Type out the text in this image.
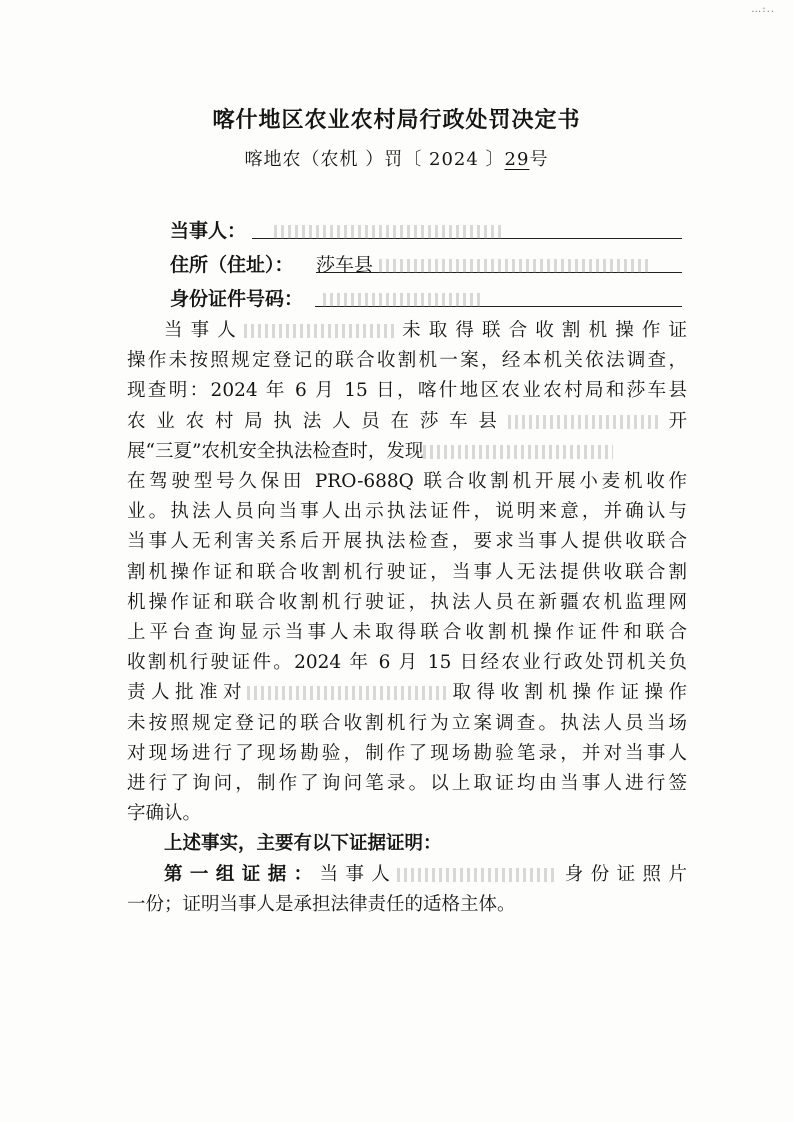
…:..
喀什地区农业农村局行政处罚决定书
喀地农（农机 ）罚〔 2024 〕29号
当事人：
住所（住址）： 莎车县
身份证件号码：

当事人	未取得联合收割机操作证
操作未按照规定登记的联合收割机一案，经本机关依法调查，
现查明：2024 年 6 月 15 日，喀什地区农业农村局和莎车县
农业农村局执法人员在莎车县	开
展“三夏”农机安全执法检查时，发现
在驾驶型号久保田 PRO-688Q 联合收割机开展小麦机收作
业。执法人员向当事人出示执法证件，说明来意，并确认与
当事人无利害关系后开展执法检查，要求当事人提供收联合
割机操作证和联合收割机行驶证，当事人无法提供收联合割
机操作证和联合收割机行驶证，执法人员在新疆农机监理网
上平台查询显示当事人未取得联合收割机操作证件和联合
收割机行驶证件。2024 年 6 月 15 日经农业行政处罚机关负
责人批准对	取得收割机操作证操作
未按照规定登记的联合收割机行为立案调查。执法人员当场
对现场进行了现场勘验，制作了现场勘验笔录，并对当事人
进行了询问，制作了询问笔录。以上取证均由当事人进行签
字确认。

上述事实，主要有以下证据证明：

第一组证据：当事人	身份证照片
一份；证明当事人是承担法律责任的适格主体。
